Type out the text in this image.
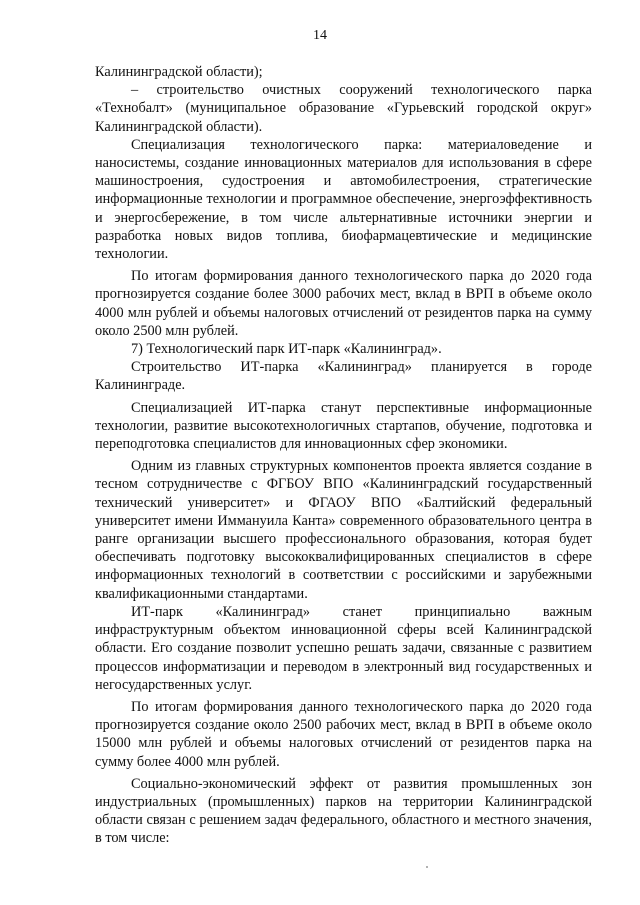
14

Калининградской области);

– строительство очистных сооружений технологического парка «Технобалт» (муниципальное образование «Гурьевский городской округ» Калининградской области).

Специализация технологического парка: материаловедение и наносистемы, создание инновационных материалов для использования в сфере машиностроения, судостроения и автомобилестроения, стратегические информационные технологии и программное обеспечение, энергоэффективность и энергосбережение, в том числе альтернативные источники энергии и разработка новых видов топлива, биофармацевтические и медицинские технологии.

По итогам формирования данного технологического парка до 2020 года прогнозируется создание более 3000 рабочих мест, вклад в ВРП в объеме около 4000 млн рублей и объемы налоговых отчислений от резидентов парка на сумму около 2500 млн рублей.

7) Технологический парк ИТ-парк «Калининград».

Строительство ИТ-парка «Калининград» планируется в городе Калининграде.

Специализацией ИТ-парка станут перспективные информационные технологии, развитие высокотехнологичных стартапов, обучение, подготовка и переподготовка специалистов для инновационных сфер экономики.

Одним из главных структурных компонентов проекта является создание в тесном сотрудничестве с ФГБОУ ВПО «Калининградский государственный технический университет» и ФГАОУ ВПО «Балтийский федеральный университет имени Иммануила Канта» современного образовательного центра в ранге организации высшего профессионального образования, которая будет обеспечивать подготовку высококвалифицированных специалистов в сфере информационных технологий в соответствии с российскими и зарубежными квалификационными стандартами.

ИТ-парк «Калининград» станет принципиально важным инфраструктурным объектом инновационной сферы всей Калининградской области. Его создание позволит успешно решать задачи, связанные с развитием процессов информатизации и переводом в электронный вид государственных и негосударственных услуг.

По итогам формирования данного технологического парка до 2020 года прогнозируется создание около 2500 рабочих мест, вклад в ВРП в объеме около 15000 млн рублей и объемы налоговых отчислений от резидентов парка на сумму более 4000 млн рублей.

Социально-экономический эффект от развития промышленных зон индустриальных (промышленных) парков на территории Калининградской области связан с решением задач федерального, областного и местного значения, в том числе:
